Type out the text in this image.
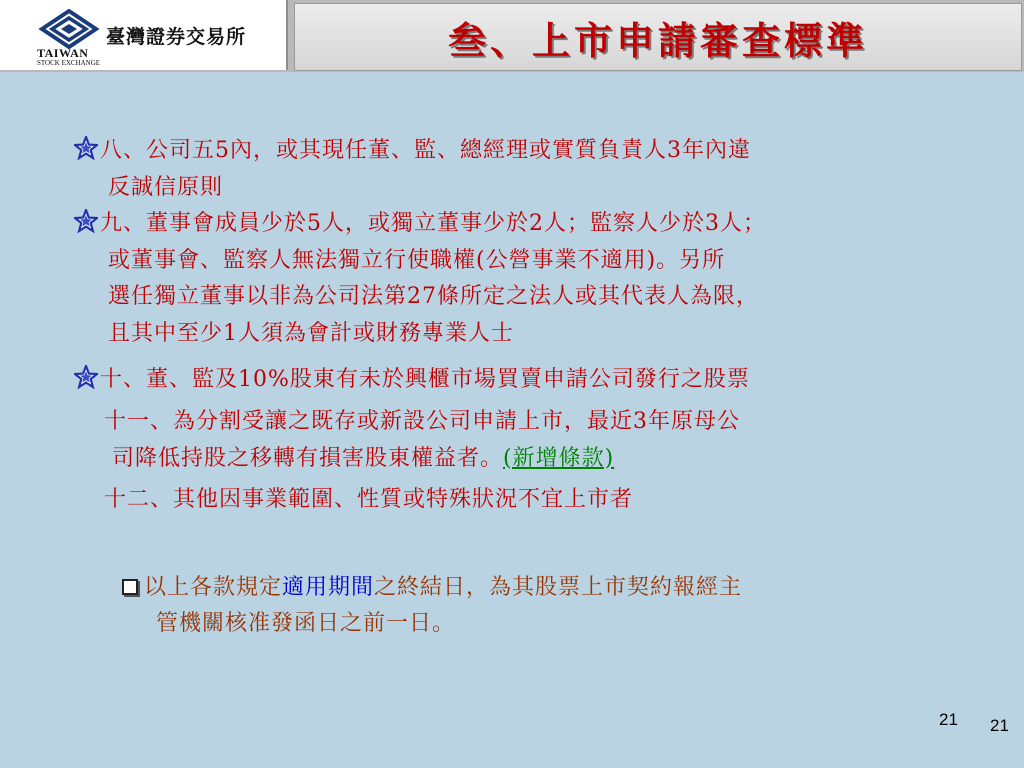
臺灣證券交易所
TAIWAN
STOCK EXCHANGE	叁、上市申請審查標準
八、公司五5內，或其現任董、監、總經理或實質負責人3年內違
反誠信原則
九、董事會成員少於5人，或獨立董事少於2人；監察人少於3人；
或董事會、監察人無法獨立行使職權(公營事業不適用)。另所
選任獨立董事以非為公司法第27條所定之法人或其代表人為限，
且其中至少1人須為會計或財務專業人士
十、董、監及10%股東有未於興櫃市場買賣申請公司發行之股票
十一、為分割受讓之既存或新設公司申請上市，最近3年原母公
司降低持股之移轉有損害股東權益者。(新增條款)
十二、其他因事業範圍、性質或特殊狀況不宜上市者
以上各款規定適用期間之終結日，為其股票上市契約報經主
管機關核准發函日之前一日。
21 21
